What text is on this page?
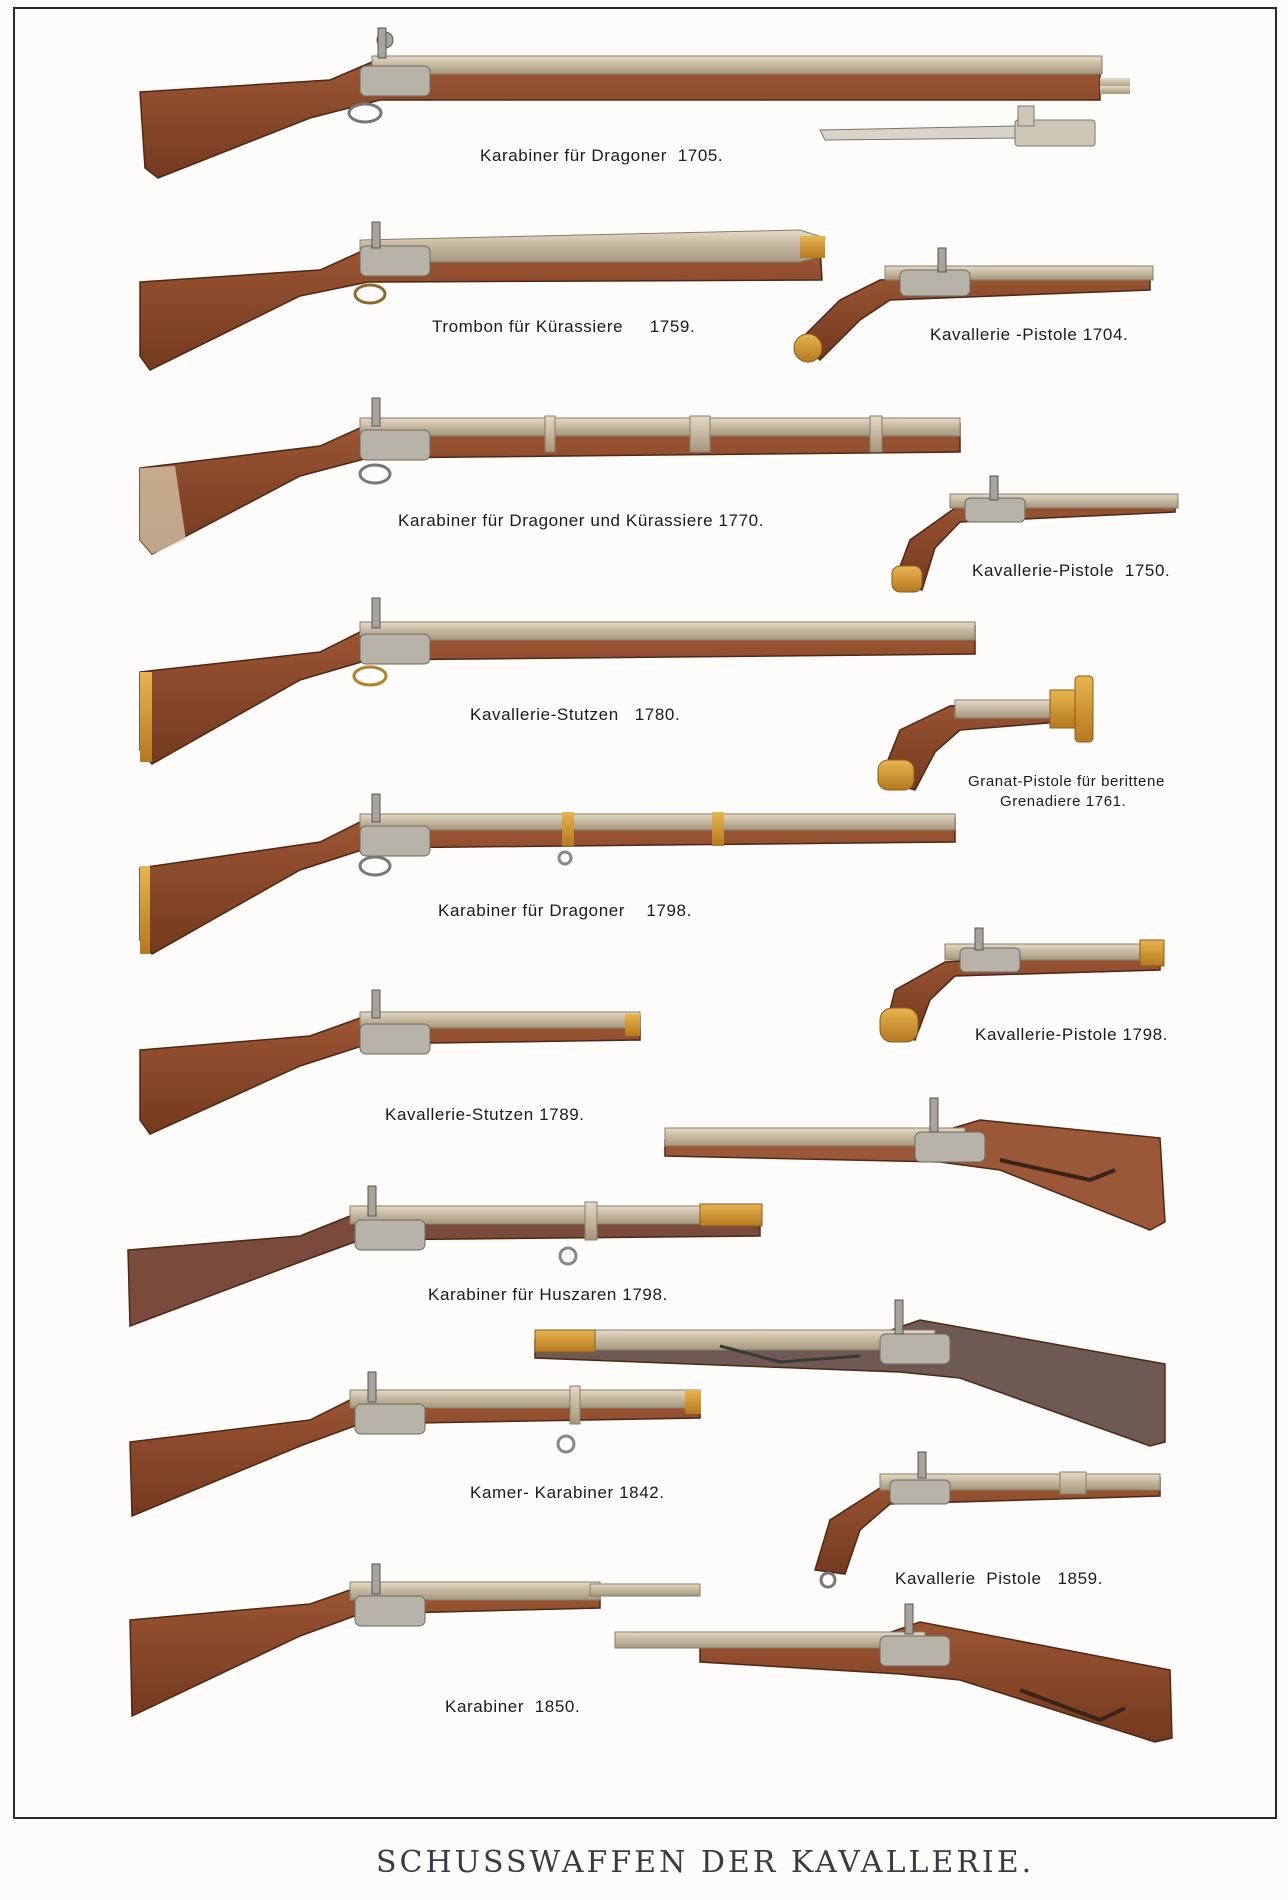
Karabiner für Dragoner  1705.
Trombon für Kürassiere     1759.	Kavallerie -Pistole 1704.
Karabiner für Dragoner und Kürassiere 1770.
Kavallerie-Pistole  1750.
Kavallerie-Stutzen   1780.
Granat-Pistole für berittene
Grenadiere 1761.
Karabiner für Dragoner    1798.
Kavallerie-Pistole 1798.
Kavallerie-Stutzen 1789.
Karabiner für Huszaren 1798.
Kamer- Karabiner 1842.
Kavallerie  Pistole   1859.
Karabiner  1850.
SCHUSSWAFFEN DER KAVALLERIE.
